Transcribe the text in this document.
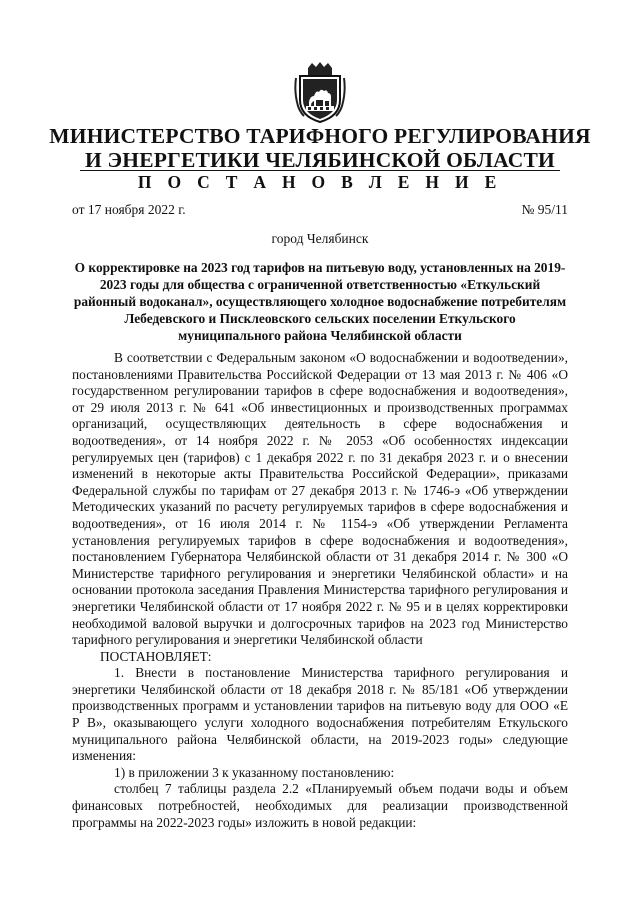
МИНИСТЕРСТВО ТАРИФНОГО РЕГУЛИРОВАНИЯ
И ЭНЕРГЕТИКИ ЧЕЛЯБИНСКОЙ ОБЛАСТИ
П О С Т А Н О В Л Е Н И Е
от 17 ноября 2022 г.	№ 95/11
город Челябинск
О корректировке на 2023 год тарифов на питьевую воду, установленных на 2019-2023 годы для общества с ограниченной ответственностью «Еткульский районный водоканал», осуществляющего холодное водоснабжение потребителям Лебедевского и Писклеовского сельских поселении Еткульского муниципального района Челябинской области

В соответствии с Федеральным законом «О водоснабжении и водоотведении», постановлениями Правительства Российской Федерации от 13 мая 2013 г. № 406 «О государственном регулировании тарифов в сфере водоснабжения и водоотведения», от 29 июля 2013 г. № 641 «Об инвестиционных и производственных программах организаций, осуществляющих деятельность в сфере водоснабжения и водоотведения», от 14 ноября 2022 г. № 2053 «Об особенностях индексации регулируемых цен (тарифов) с 1 декабря 2022 г. по 31 декабря 2023 г. и о внесении изменений в некоторые акты Правительства Российской Федерации», приказами Федеральной службы по тарифам от 27 декабря 2013 г. № 1746-э «Об утверждении Методических указаний по расчету регулируемых тарифов в сфере водоснабжения и водоотведения», от 16 июля 2014 г. № 1154-э «Об утверждении Регламента установления регулируемых тарифов в сфере водоснабжения и водоотведения», постановлением Губернатора Челябинской области от 31 декабря 2014 г. № 300 «О Министерстве тарифного регулирования и энергетики Челябинской области» и на основании протокола заседания Правления Министерства тарифного регулирования и энергетики Челябинской области от 17 ноября 2022 г. № 95 и в целях корректировки необходимой валовой выручки и долгосрочных тарифов на 2023 год Министерство тарифного регулирования и энергетики Челябинской области

ПОСТАНОВЛЯЕТ:

1. Внести в постановление Министерства тарифного регулирования и энергетики Челябинской области от 18 декабря 2018 г. № 85/181 «Об утверждении производственных программ и установлении тарифов на питьевую воду для ООО «Е Р В», оказывающего услуги холодного водоснабжения потребителям Еткульского муниципального района Челябинской области, на 2019-2023 годы» следующие изменения:

1) в приложении 3 к указанному постановлению:

столбец 7 таблицы раздела 2.2 «Планируемый объем подачи воды и объем финансовых потребностей, необходимых для реализации производственной программы на 2022-2023 годы» изложить в новой редакции:
